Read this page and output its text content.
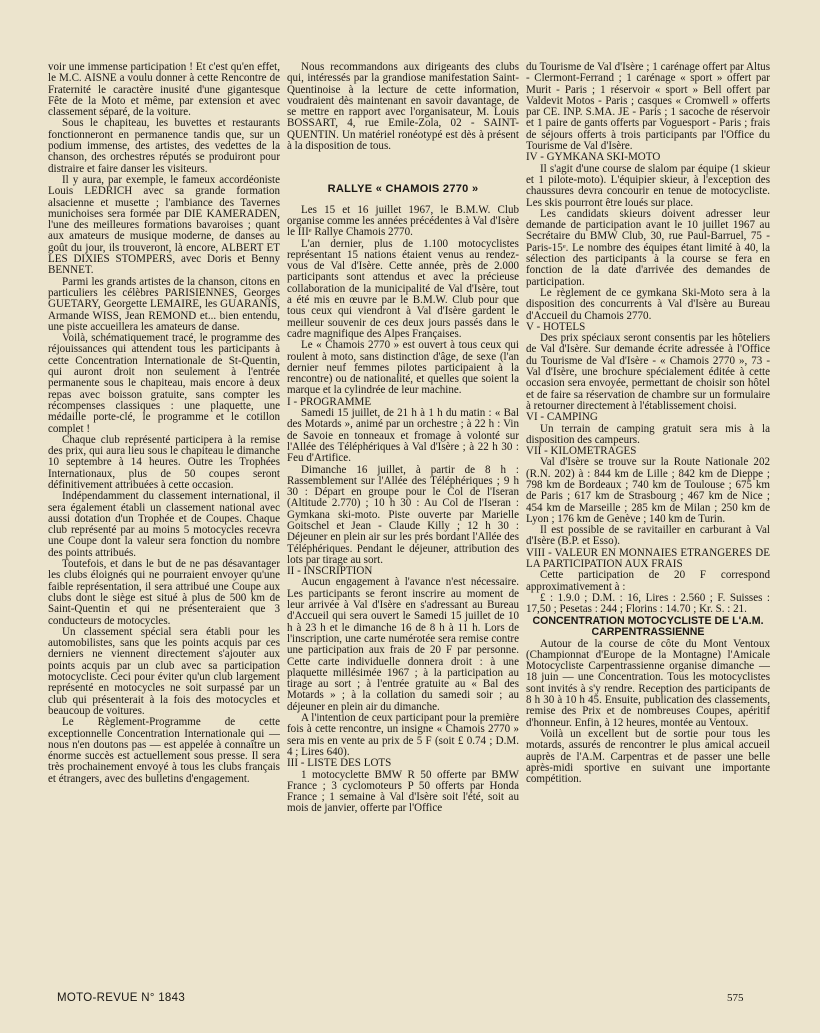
voir une immense participation ! Et c'est qu'en effet, le M.C. AISNE a voulu donner à cette Rencontre de Fraternité le caractère inusité d'une gigantesque Fête de la Moto et même, par extension et avec classement séparé, de la voiture.

Sous le chapiteau, les buvettes et restaurants fonctionneront en permanence tandis que, sur un podium immense, des artistes, des vedettes de la chanson, des orchestres réputés se produiront pour distraire et faire danser les visiteurs.

Il y aura, par exemple, le fameux accordéoniste Louis LEDRICH avec sa grande formation alsacienne et musette ; l'ambiance des Tavernes munichoises sera formée par DIE KAMERADEN, l'une des meilleures formations bavaroises ; quant aux amateurs de musique moderne, de danses au goût du jour, ils trouveront, là encore, ALBERT ET LES DIXIES STOMPERS, avec Doris et Benny BENNET.

Parmi les grands artistes de la chanson, citons en particuliers les célèbres PARISIENNES, Georges GUETARY, Georgette LEMAIRE, les GUARANIS, Armande WISS, Jean REMOND et... bien entendu, une piste accueillera les amateurs de danse.

Voilà, schématiquement tracé, le programme des réjouissances qui attendent tous les participants à cette Concentration Internationale de St-Quentin, qui auront droit non seulement à l'entrée permanente sous le chapiteau, mais encore à deux repas avec boisson gratuite, sans compter les récompenses classiques : une plaquette, une médaille porte-clé, le programme et le cotillon complet !

Chaque club représenté participera à la remise des prix, qui aura lieu sous le chapiteau le dimanche 10 septembre à 14 heures. Outre les Trophées Internationaux, plus de 50 coupes seront définitivement attribuées à cette occasion.

Indépendamment du classement international, il sera également établi un classement national avec aussi dotation d'un Trophée et de Coupes. Chaque club représenté par au moins 5 motocycles recevra une Coupe dont la valeur sera fonction du nombre des points attribués.

Toutefois, et dans le but de ne pas désavantager les clubs éloignés qui ne pourraient envoyer qu'une faible représentation, il sera attribué une Coupe aux clubs dont le siège est situé à plus de 500 km de Saint-Quentin et qui ne présenteraient que 3 conducteurs de motocycles.

Un classement spécial sera établi pour les automobilistes, sans que les points acquis par ces derniers ne viennent directement s'ajouter aux points acquis par un club avec sa participation motocycliste. Ceci pour éviter qu'un club largement représenté en motocycles ne soit surpassé par un club qui présenterait à la fois des motocycles et beaucoup de voitures.

Le Règlement-Programme de cette exceptionnelle Concentration Internationale qui — nous n'en doutons pas — est appelée à connaître un énorme succès est actuellement sous presse. Il sera très prochainement envoyé à tous les clubs français et étrangers, avec des bulletins d'engagement.

Nous recommandons aux dirigeants des clubs qui, intéressés par la grandiose manifestation Saint-Quentinoise à la lecture de cette information, voudraient dès maintenant en savoir davantage, de se mettre en rapport avec l'organisateur, M. Louis BOSSART, 4, rue Emile-Zola, 02 - SAINT-QUENTIN. Un matériel ronéotypé est dès à présent à la disposition de tous.

RALLYE « CHAMOIS 2770 »

Les 15 et 16 juillet 1967, le B.M.W. Club organise comme les années précédentes à Val d'Isère le IIIᵉ Rallye Chamois 2770.

L'an dernier, plus de 1.100 motocyclistes représentant 15 nations étaient venus au rendez-vous de Val d'Isère. Cette année, près de 2.000 participants sont attendus et avec la précieuse collaboration de la municipalité de Val d'Isère, tout a été mis en œuvre par le B.M.W. Club pour que tous ceux qui viendront à Val d'Isère gardent le meilleur souvenir de ces deux jours passés dans le cadre magnifique des Alpes Françaises.

Le « Chamois 2770 » est ouvert à tous ceux qui roulent à moto, sans distinction d'âge, de sexe (l'an dernier neuf femmes pilotes participaient à la rencontre) ou de nationalité, et quelles que soient la marque et la cylindrée de leur machine.

I - PROGRAMME

Samedi 15 juillet, de 21 h à 1 h du matin : « Bal des Motards », animé par un orchestre ; à 22 h : Vin de Savoie en tonneaux et fromage à volonté sur l'Allée des Téléphériques à Val d'Isère ; à 22 h 30 : Feu d'Artifice.

Dimanche 16 juillet, à partir de 8 h : Rassemblement sur l'Allée des Téléphériques ; 9 h 30 : Départ en groupe pour le Col de l'Iseran (Altitude 2.770) ; 10 h 30 : Au Col de l'Iseran : Gymkana ski-moto. Piste ouverte par Marielle Goitschel et Jean - Claude Killy ; 12 h 30 : Déjeuner en plein air sur les prés bordant l'Allée des Téléphériques. Pendant le déjeuner, attribution des lots par tirage au sort.

II - INSCRIPTION

Aucun engagement à l'avance n'est nécessaire. Les participants se feront inscrire au moment de leur arrivée à Val d'Isère en s'adressant au Bureau d'Accueil qui sera ouvert le Samedi 15 juillet de 10 h à 23 h et le dimanche 16 de 8 h à 11 h. Lors de l'inscription, une carte numérotée sera remise contre une participation aux frais de 20 F par personne. Cette carte individuelle donnera droit : à une plaquette millésimée 1967 ; à la participation au tirage au sort ; à l'entrée gratuite au « Bal des Motards » ; à la collation du samedi soir ; au déjeuner en plein air du dimanche.

A l'intention de ceux participant pour la première fois à cette rencontre, un insigne « Chamois 2770 » sera mis en vente au prix de 5 F (soit £ 0.74 ; D.M. 4 ; Lires 640).

III - LISTE DES LOTS

1 motocyclette BMW R 50 offerte par BMW France ; 3 cyclomoteurs P 50 offerts par Honda France ; 1 semaine à Val d'Isère soit l'été, soit au mois de janvier, offerte par l'Office

du Tourisme de Val d'Isère ; 1 carénage offert par Altus - Clermont-Ferrand ; 1 carénage « sport » offert par Murit - Paris ; 1 réservoir « sport » Bell offert par Valdevit Motos - Paris ; casques « Cromwell » offerts par CE. INP. S.MA. JE - Paris ; 1 sacoche de réservoir et 1 paire de gants offerts par Voguesport - Paris ; frais de séjours offerts à trois participants par l'Office du Tourisme de Val d'Isère.

IV - GYMKANA SKI-MOTO

Il s'agit d'une course de slalom par équipe (1 skieur et 1 pilote-moto). L'équipier skieur, à l'exception des chaussures devra concourir en tenue de motocycliste. Les skis pourront être loués sur place.

Les candidats skieurs doivent adresser leur demande de participation avant le 10 juillet 1967 au Secrétaire du BMW Club, 30, rue Paul-Barruel, 75 - Paris-15ᵉ. Le nombre des équipes étant limité à 40, la sélection des participants à la course se fera en fonction de la date d'arrivée des demandes de participation.

Le règlement de ce gymkana Ski-Moto sera à la disposition des concurrents à Val d'Isère au Bureau d'Accueil du Chamois 2770.

V - HOTELS

Des prix spéciaux seront consentis par les hôteliers de Val d'Isère. Sur demande écrite adressée à l'Office du Tourisme de Val d'Isère - « Chamois 2770 », 73 - Val d'Isère, une brochure spécialement éditée à cette occasion sera envoyée, permettant de choisir son hôtel et de faire sa réservation de chambre sur un formulaire à retourner directement à l'établissement choisi.

VI - CAMPING

Un terrain de camping gratuit sera mis à la disposition des campeurs.

VII - KILOMETRAGES

Val d'Isère se trouve sur la Route Nationale 202 (R.N. 202) à : 844 km de Lille ; 842 km de Dieppe ; 798 km de Bordeaux ; 740 km de Toulouse ; 675 km de Paris ; 617 km de Strasbourg ; 467 km de Nice ; 454 km de Marseille ; 285 km de Milan ; 250 km de Lyon ; 176 km de Genève ; 140 km de Turin.

Il est possible de se ravitailler en carburant à Val d'Isère (B.P. et Esso).

VIII - VALEUR EN MONNAIES ETRANGERES DE LA PARTICIPATION AUX FRAIS

Cette participation de 20 F correspond approximativement à :

£ : 1.9.0 ; D.M. : 16, Lires : 2.560 ; F. Suisses : 17,50 ; Pesetas : 244 ; Florins : 14.70 ; Kr. S. : 21.

CONCENTRATION MOTOCYCLISTE DE L'A.M. CARPENTRASSIENNE

Autour de la course de côte du Mont Ventoux (Championnat d'Europe de la Montagne) l'Amicale Motocycliste Carpentrassienne organise dimanche — 18 juin — une Concentration. Tous les motocyclistes sont invités à s'y rendre. Reception des participants de 8 h 30 à 10 h 45. Ensuite, publication des classements, remise des Prix et de nombreuses Coupes, apéritif d'honneur. Enfin, à 12 heures, montée au Ventoux.

Voilà un excellent but de sortie pour tous les motards, assurés de rencontrer le plus amical accueil auprès de l'A.M. Carpentras et de passer une belle après-midi sportive en suivant une importante compétition.

MOTO-REVUE N° 1843	575
